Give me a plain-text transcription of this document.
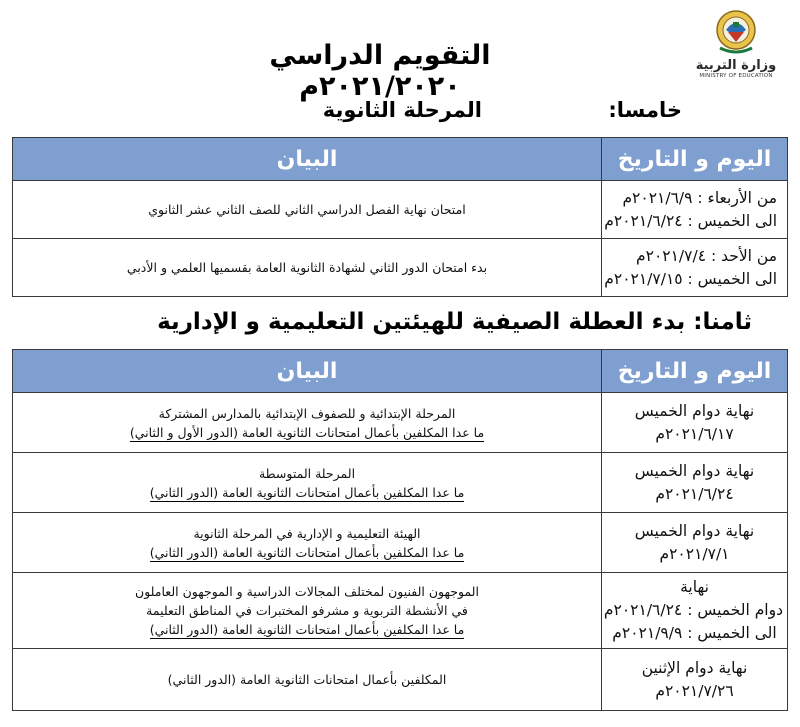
وزارة التربية
MINISTRY OF EDUCATION
التقويم الدراسي ٢٠٢١/٢٠٢٠م
خامسا:
المرحلة الثانوية
اليوم و التاريخ	البيان

من الأربعاء : ٢٠٢١/٦/٩م
الى الخميس : ٢٠٢١/٦/٢٤م	امتحان نهاية الفصل الدراسي الثاني للصف الثاني عشر الثانوي

من الأحد : ٢٠٢١/٧/٤م
الى الخميس : ٢٠٢١/٧/١٥م	بدء امتحان الدور الثاني لشهادة الثانوية العامة بقسميها العلمي و الأدبي
ثامنا: بدء العطلة الصيفية للهيئتين التعليمية و الإدارية
اليوم و التاريخ	البيان

نهاية دوام الخميس
٢٠٢١/٦/١٧م	المرحلة الإبتدائية و للصفوف الإبتدائية بالمدارس المشتركة
ما عدا المكلفين بأعمال امتحانات الثانوية العامة (الدور الأول و الثاني)

نهاية دوام الخميس
٢٠٢١/٦/٢٤م	المرحلة المتوسطة
ما عدا المكلفين بأعمال امتحانات الثانوية العامة (الدور الثاني)

نهاية دوام الخميس
٢٠٢١/٧/١م	الهيئة التعليمية و الإدارية في المرحلة الثانوية
ما عدا المكلفين بأعمال امتحانات الثانوية العامة (الدور الثاني)

نهاية
دوام الخميس : ٢٠٢١/٦/٢٤م
الى الخميس : ٢٠٢١/٩/٩م	الموجهون الفنيون لمختلف المجالات الدراسية و الموجهون العاملون
في الأنشطة التربوية و مشرفو المختبرات في المناطق التعليمة
ما عدا المكلفين بأعمال امتحانات الثانوية العامة (الدور الثاني)

نهاية دوام الإثنين
٢٠٢١/٧/٢٦م	المكلفين بأعمال امتحانات الثانوية العامة (الدور الثاني)
